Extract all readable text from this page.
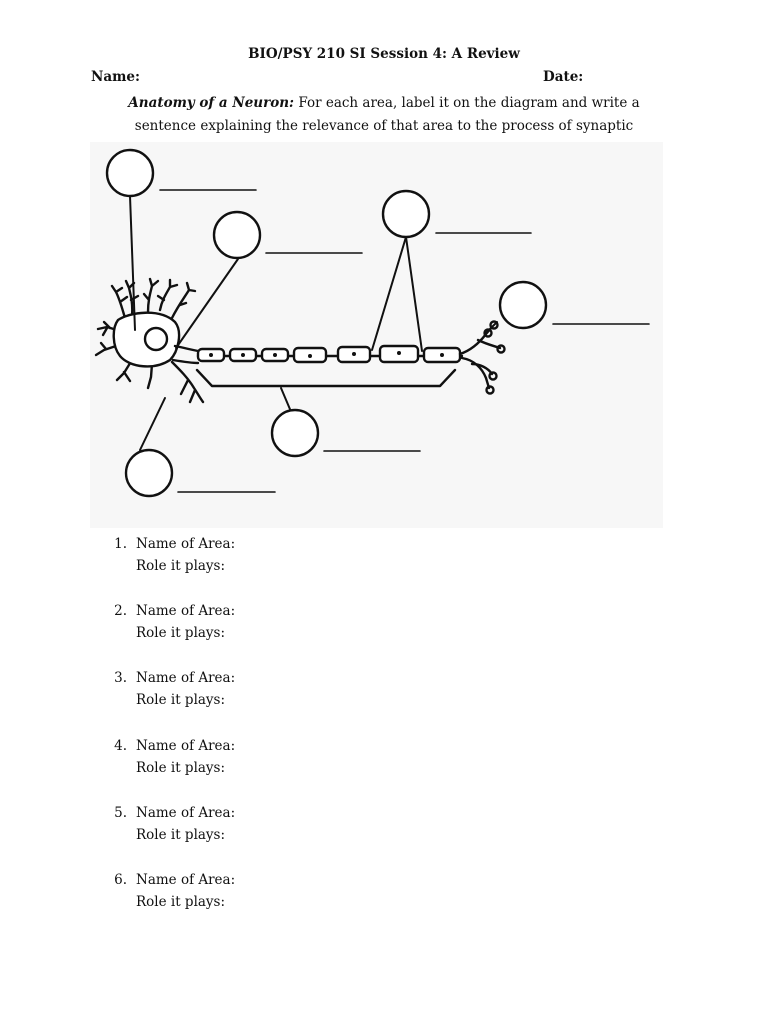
BIO/PSY 210 SI Session 4: A Review
Name:	Date:
Anatomy of a Neuron: For each area, label it on the diagram and write a sentence explaining the relevance of that area to the process of synaptic
1. Name of Area:
Role it plays:
2. Name of Area:
Role it plays:
3. Name of Area:
Role it plays:
4. Name of Area:
Role it plays:
5. Name of Area:
Role it plays:
6. Name of Area:
Role it plays:
